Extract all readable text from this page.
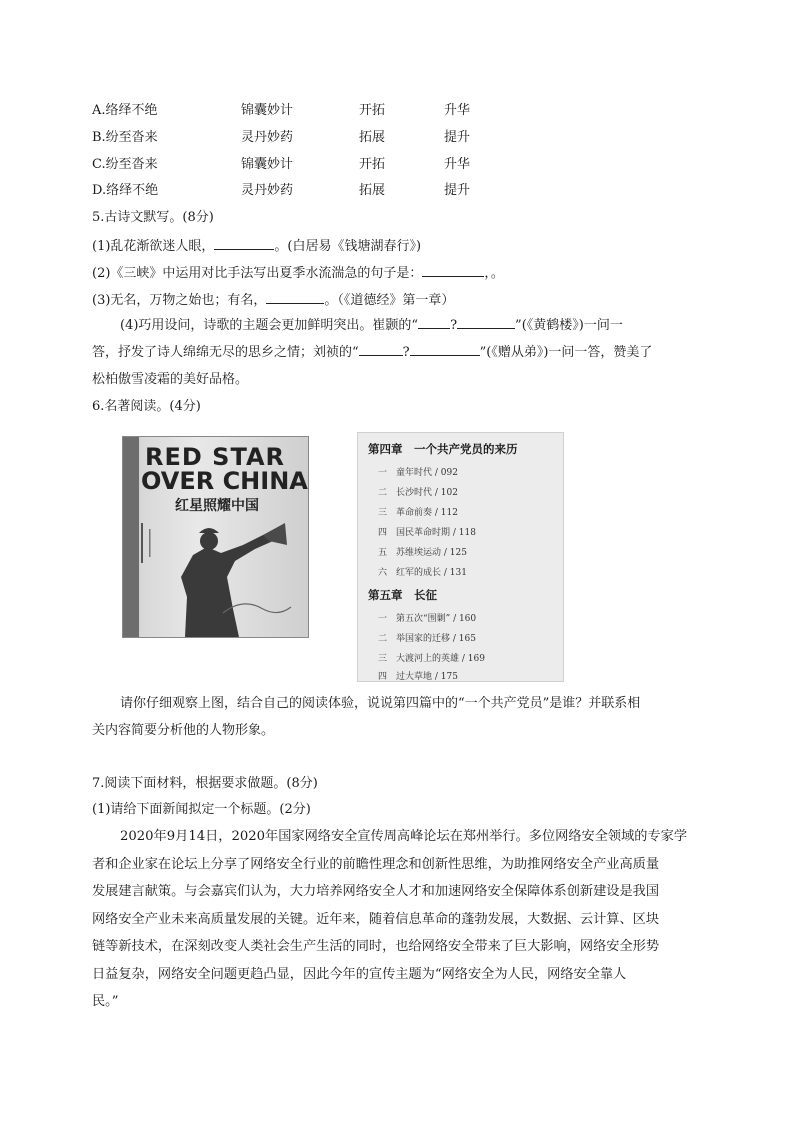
A.络绎不绝	锦囊妙计	开拓	升华
B.纷至沓来	灵丹妙药	拓展	提升
C.纷至沓来	锦囊妙计	开拓	升华
D.络绎不绝	灵丹妙药	拓展	提升
5.古诗文默写。(8分)
(1)乱花渐欲迷人眼，	。(白居易《钱塘湖春行》)
(2)《三峡》中运用对比手法写出夏季水流湍急的句子是：	，。
(3)无名，万物之始也；有名，	。（《道德经》第一章）
(4)巧用设问，诗歌的主题会更加鲜明突出。崔颢的“ ?	”(《黄鹤楼》)一问一
答，抒发了诗人绵绵无尽的思乡之情；刘祯的“	?	”(《赠从弟》)一问一答，赞美了
松柏傲雪凌霜的美好品格。
6.名著阅读。(4分)
RED STAR
OVER CHINA
红星照耀中国
第四章　一个共产党员的来历
一　童年时代 / 092
二　长沙时代 / 102
三　革命前奏 / 112
四　国民革命时期 / 118
五　苏维埃运动 / 125
六　红军的成长 / 131
第五章　长征
一　第五次“围剿” / 160
二　举国家的迁移 / 165
三　大渡河上的英雄 / 169
四　过大草地 / 175
请你仔细观察上图，结合自己的阅读体验，说说第四篇中的“一个共产党员”是谁？并联系相
关内容简要分析他的人物形象。
7.阅读下面材料，根据要求做题。(8分)
(1)请给下面新闻拟定一个标题。(2分)
2020年9月14日，2020年国家网络安全宣传周高峰论坛在郑州举行。多位网络安全领域的专家学
者和企业家在论坛上分享了网络安全行业的前瞻性理念和创新性思维，为助推网络安全产业高质量
发展建言献策。与会嘉宾们认为，大力培养网络安全人才和加速网络安全保障体系创新建设是我国
网络安全产业未来高质量发展的关键。近年来，随着信息革命的蓬勃发展，大数据、云计算、区块
链等新技术，在深刻改变人类社会生产生活的同时，也给网络安全带来了巨大影响，网络安全形势
日益复杂，网络安全问题更趋凸显，因此今年的宣传主题为“网络安全为人民，网络安全靠人
民。”
